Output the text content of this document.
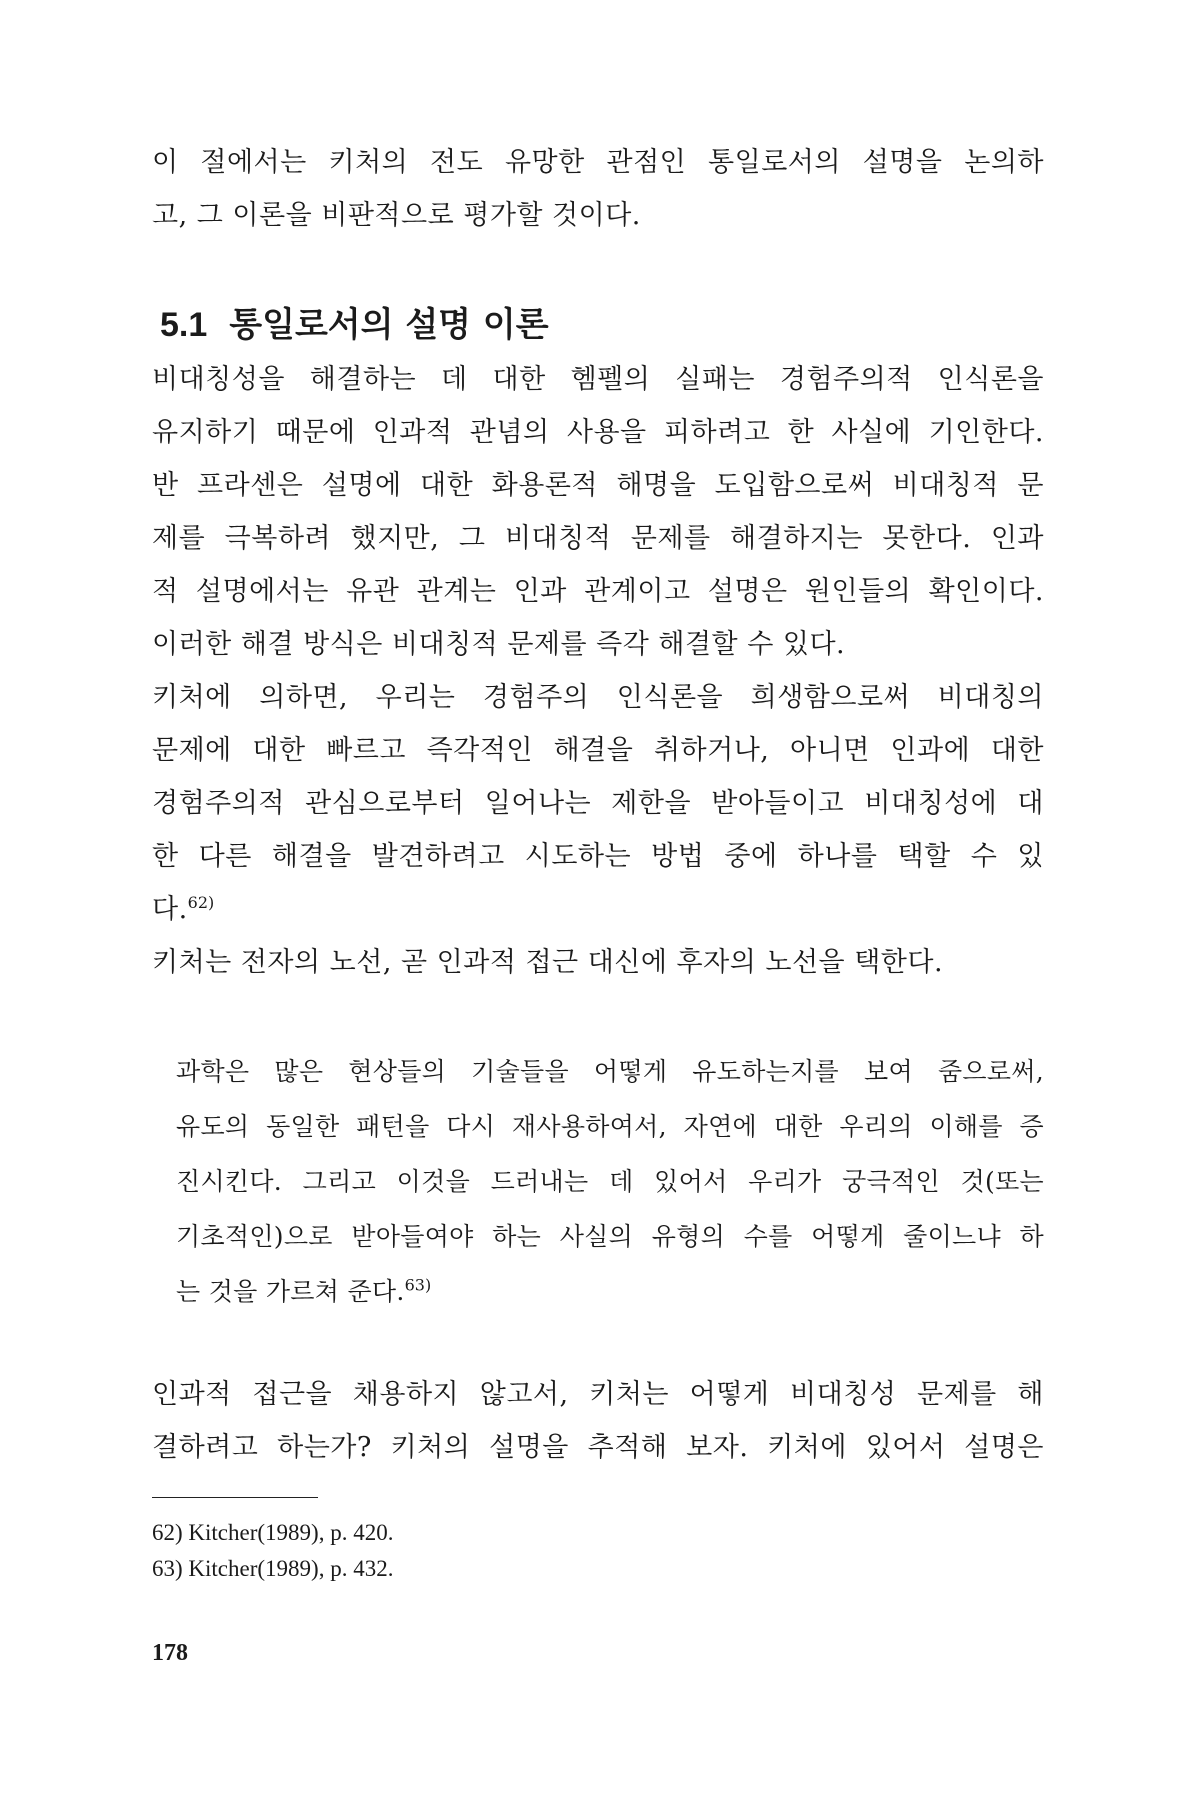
이 절에서는 키처의 전도 유망한 관점인 통일로서의 설명을 논의하
고, 그 이론을 비판적으로 평가할 것이다.
5.1 통일로서의 설명 이론
비대칭성을 해결하는 데 대한 헴펠의 실패는 경험주의적 인식론을
유지하기 때문에 인과적 관념의 사용을 피하려고 한 사실에 기인한다.
반 프라센은 설명에 대한 화용론적 해명을 도입함으로써 비대칭적 문
제를 극복하려 했지만, 그 비대칭적 문제를 해결하지는 못한다. 인과
적 설명에서는 유관 관계는 인과 관계이고 설명은 원인들의 확인이다.
이러한 해결 방식은 비대칭적 문제를 즉각 해결할 수 있다.
키처에 의하면, 우리는 경험주의 인식론을 희생함으로써 비대칭의
문제에 대한 빠르고 즉각적인 해결을 취하거나, 아니면 인과에 대한
경험주의적 관심으로부터 일어나는 제한을 받아들이고 비대칭성에 대
한 다른 해결을 발견하려고 시도하는 방법 중에 하나를 택할 수 있
다.$^{62)}$
키처는 전자의 노선, 곧 인과적 접근 대신에 후자의 노선을 택한다.
과학은 많은 현상들의 기술들을 어떻게 유도하는지를 보여 줌으로써,
유도의 동일한 패턴을 다시 재사용하여서, 자연에 대한 우리의 이해를 증
진시킨다. 그리고 이것을 드러내는 데 있어서 우리가 궁극적인 것(또는
기초적인)으로 받아들여야 하는 사실의 유형의 수를 어떻게 줄이느냐 하
는 것을 가르쳐 준다.$^{63)}$
인과적 접근을 채용하지 않고서, 키처는 어떻게 비대칭성 문제를 해
결하려고 하는가? 키처의 설명을 추적해 보자. 키처에 있어서 설명은
62) Kitcher(1989), p. 420.
63) Kitcher(1989), p. 432.
178
